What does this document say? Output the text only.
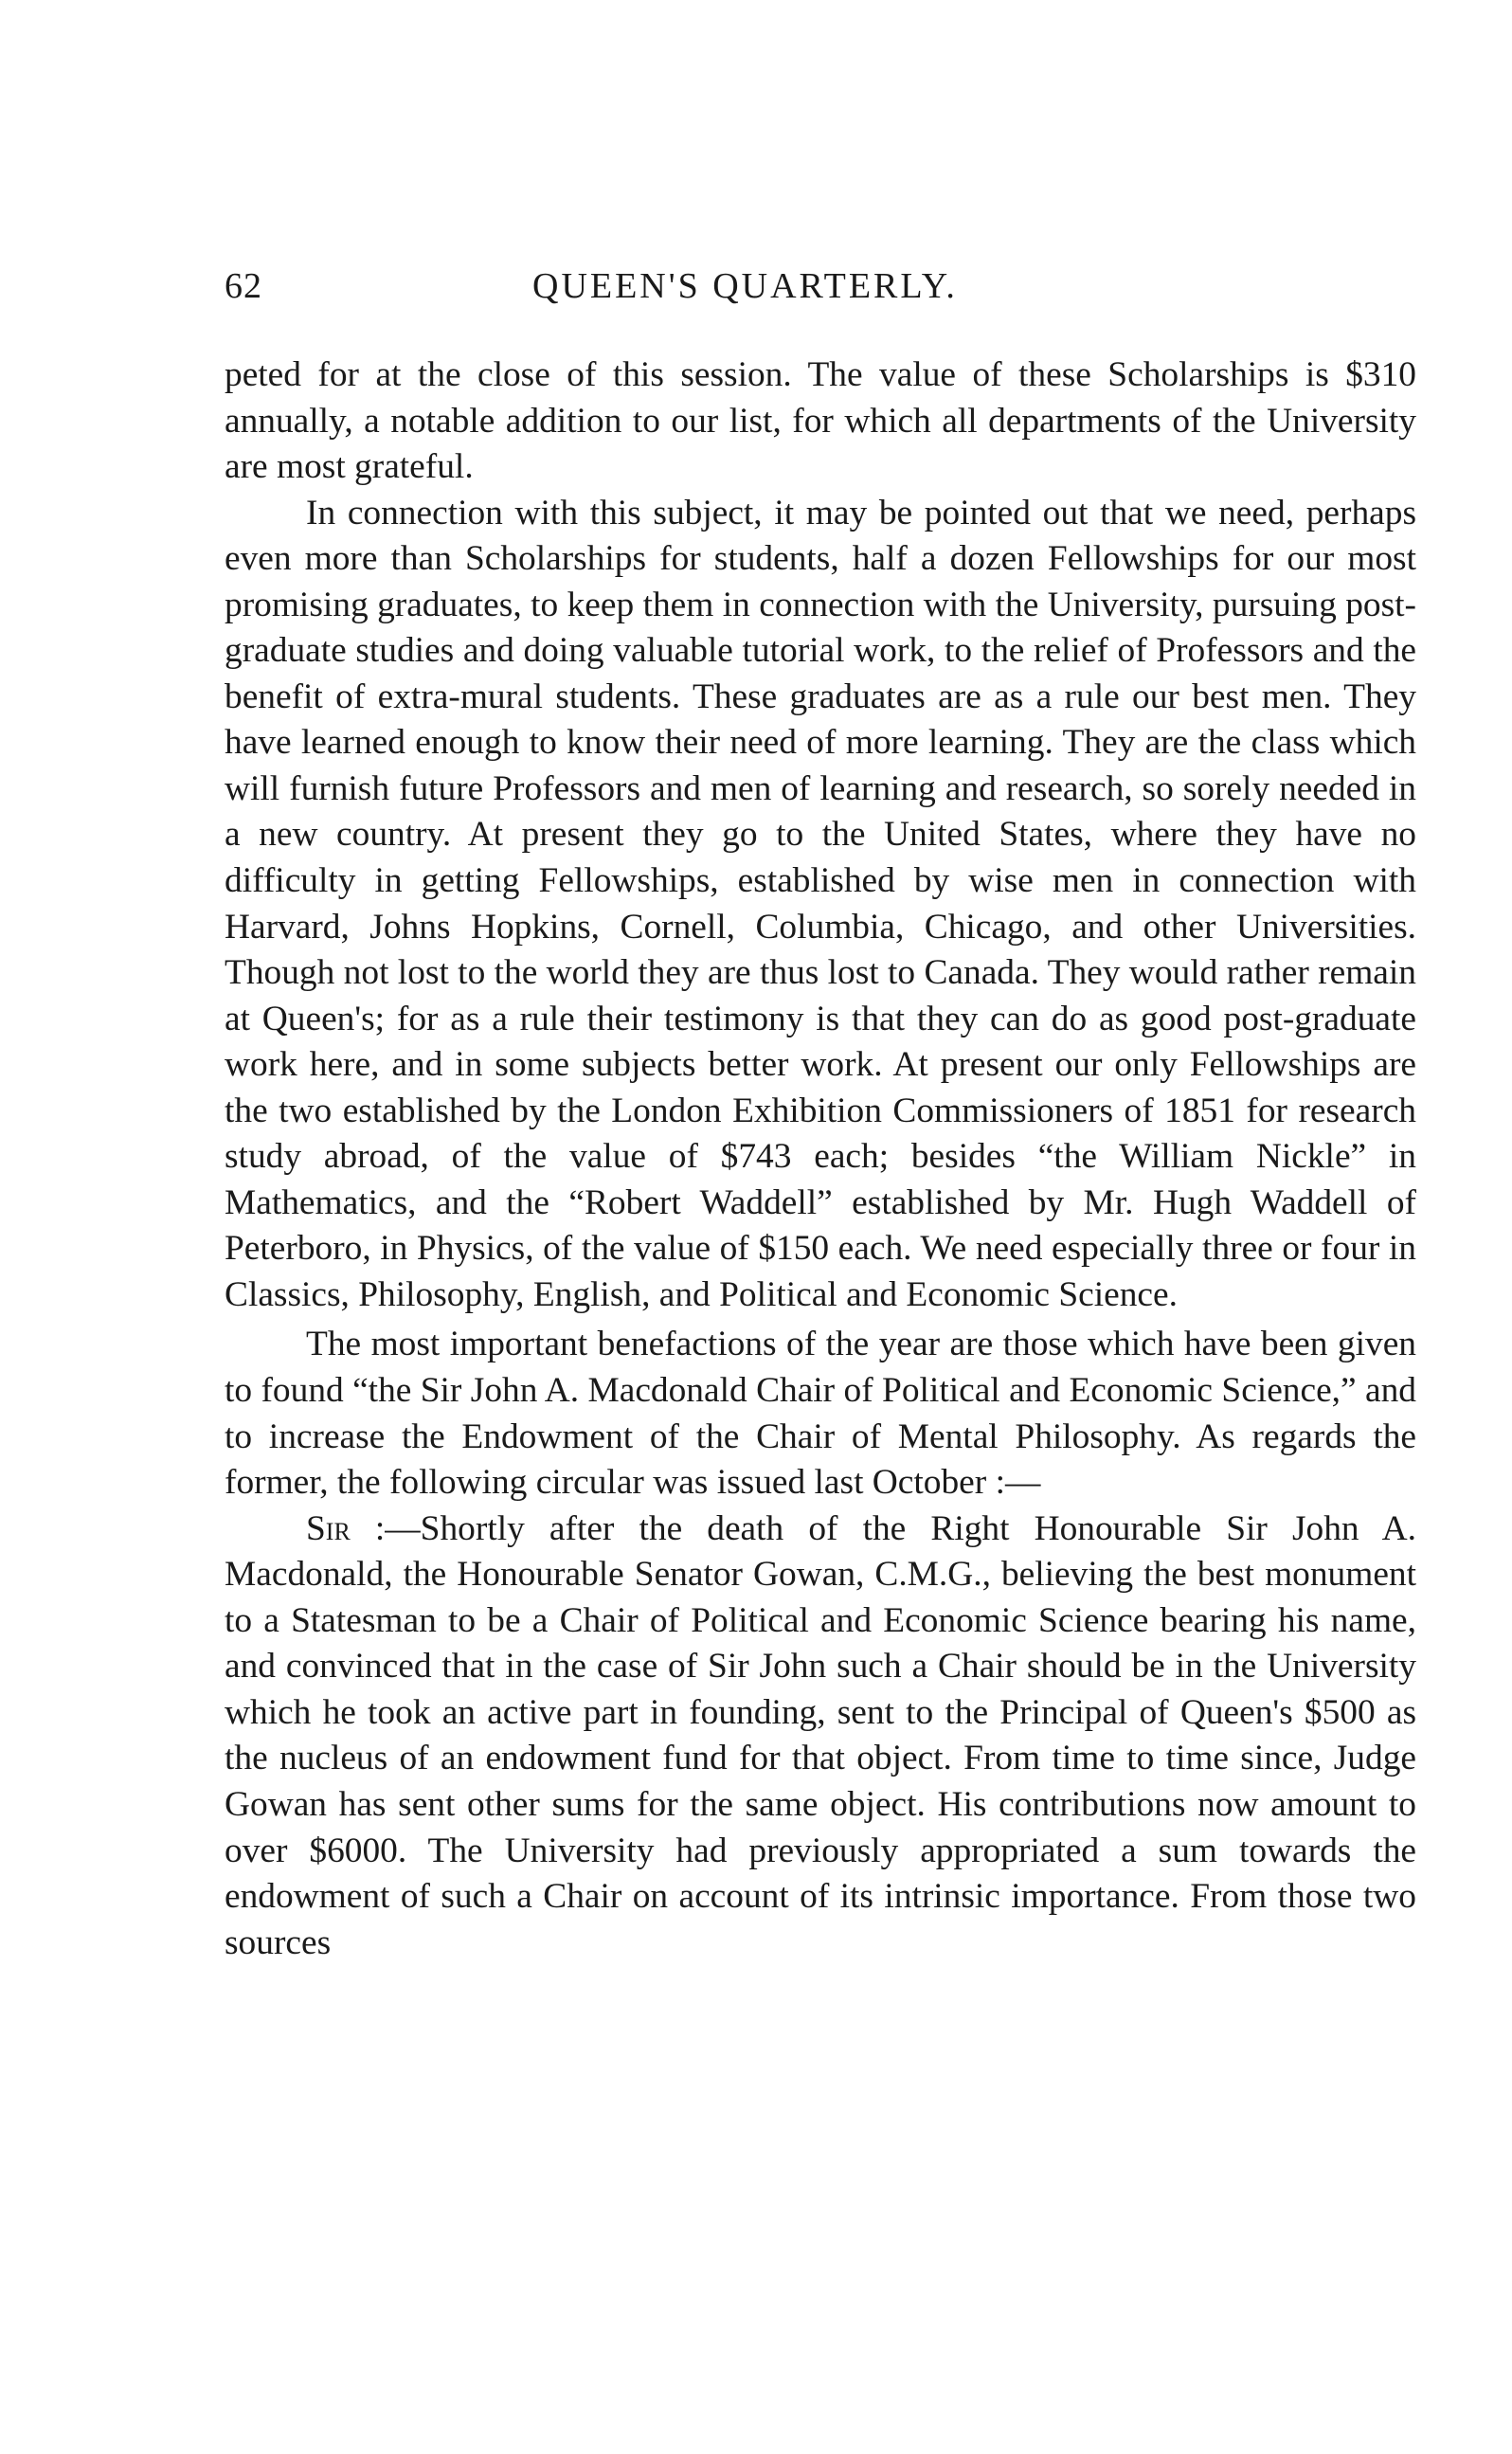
62	QUEEN'S QUARTERLY.

peted for at the close of this session. The value of these Scholarships is $310 annually, a notable addition to our list, for which all departments of the University are most grateful.

In connection with this subject, it may be pointed out that we need, perhaps even more than Scholarships for students, half a dozen Fellowships for our most promising graduates, to keep them in connection with the University, pursuing post-graduate studies and doing valuable tutorial work, to the relief of Professors and the benefit of extra-mural students. These graduates are as a rule our best men. They have learned enough to know their need of more learning. They are the class which will furnish future Professors and men of learning and research, so sorely needed in a new country. At present they go to the United States, where they have no difficulty in getting Fellowships, established by wise men in connection with Harvard, Johns Hopkins, Cornell, Columbia, Chicago, and other Universities. Though not lost to the world they are thus lost to Canada. They would rather remain at Queen's; for as a rule their testimony is that they can do as good post-graduate work here, and in some subjects better work. At present our only Fellowships are the two established by the London Exhibition Commissioners of 1851 for research study abroad, of the value of $743 each; besides “the William Nickle” in Mathematics, and the “Robert Waddell” established by Mr. Hugh Waddell of Peterboro, in Physics, of the value of $150 each. We need especially three or four in Classics, Philosophy, English, and Political and Economic Science.

The most important benefactions of the year are those which have been given to found “the Sir John A. Macdonald Chair of Political and Economic Science,” and to increase the Endowment of the Chair of Mental Philosophy. As regards the former, the following circular was issued last October :—

Sir :—Shortly after the death of the Right Honourable Sir John A. Macdonald, the Honourable Senator Gowan, C.M.G., believing the best monument to a Statesman to be a Chair of Political and Economic Science bearing his name, and convinced that in the case of Sir John such a Chair should be in the University which he took an active part in founding, sent to the Principal of Queen's $500 as the nucleus of an endowment fund for that object. From time to time since, Judge Gowan has sent other sums for the same object. His contributions now amount to over $6000. The University had previously appropriated a sum towards the endowment of such a Chair on account of its intrinsic importance. From those two sources
